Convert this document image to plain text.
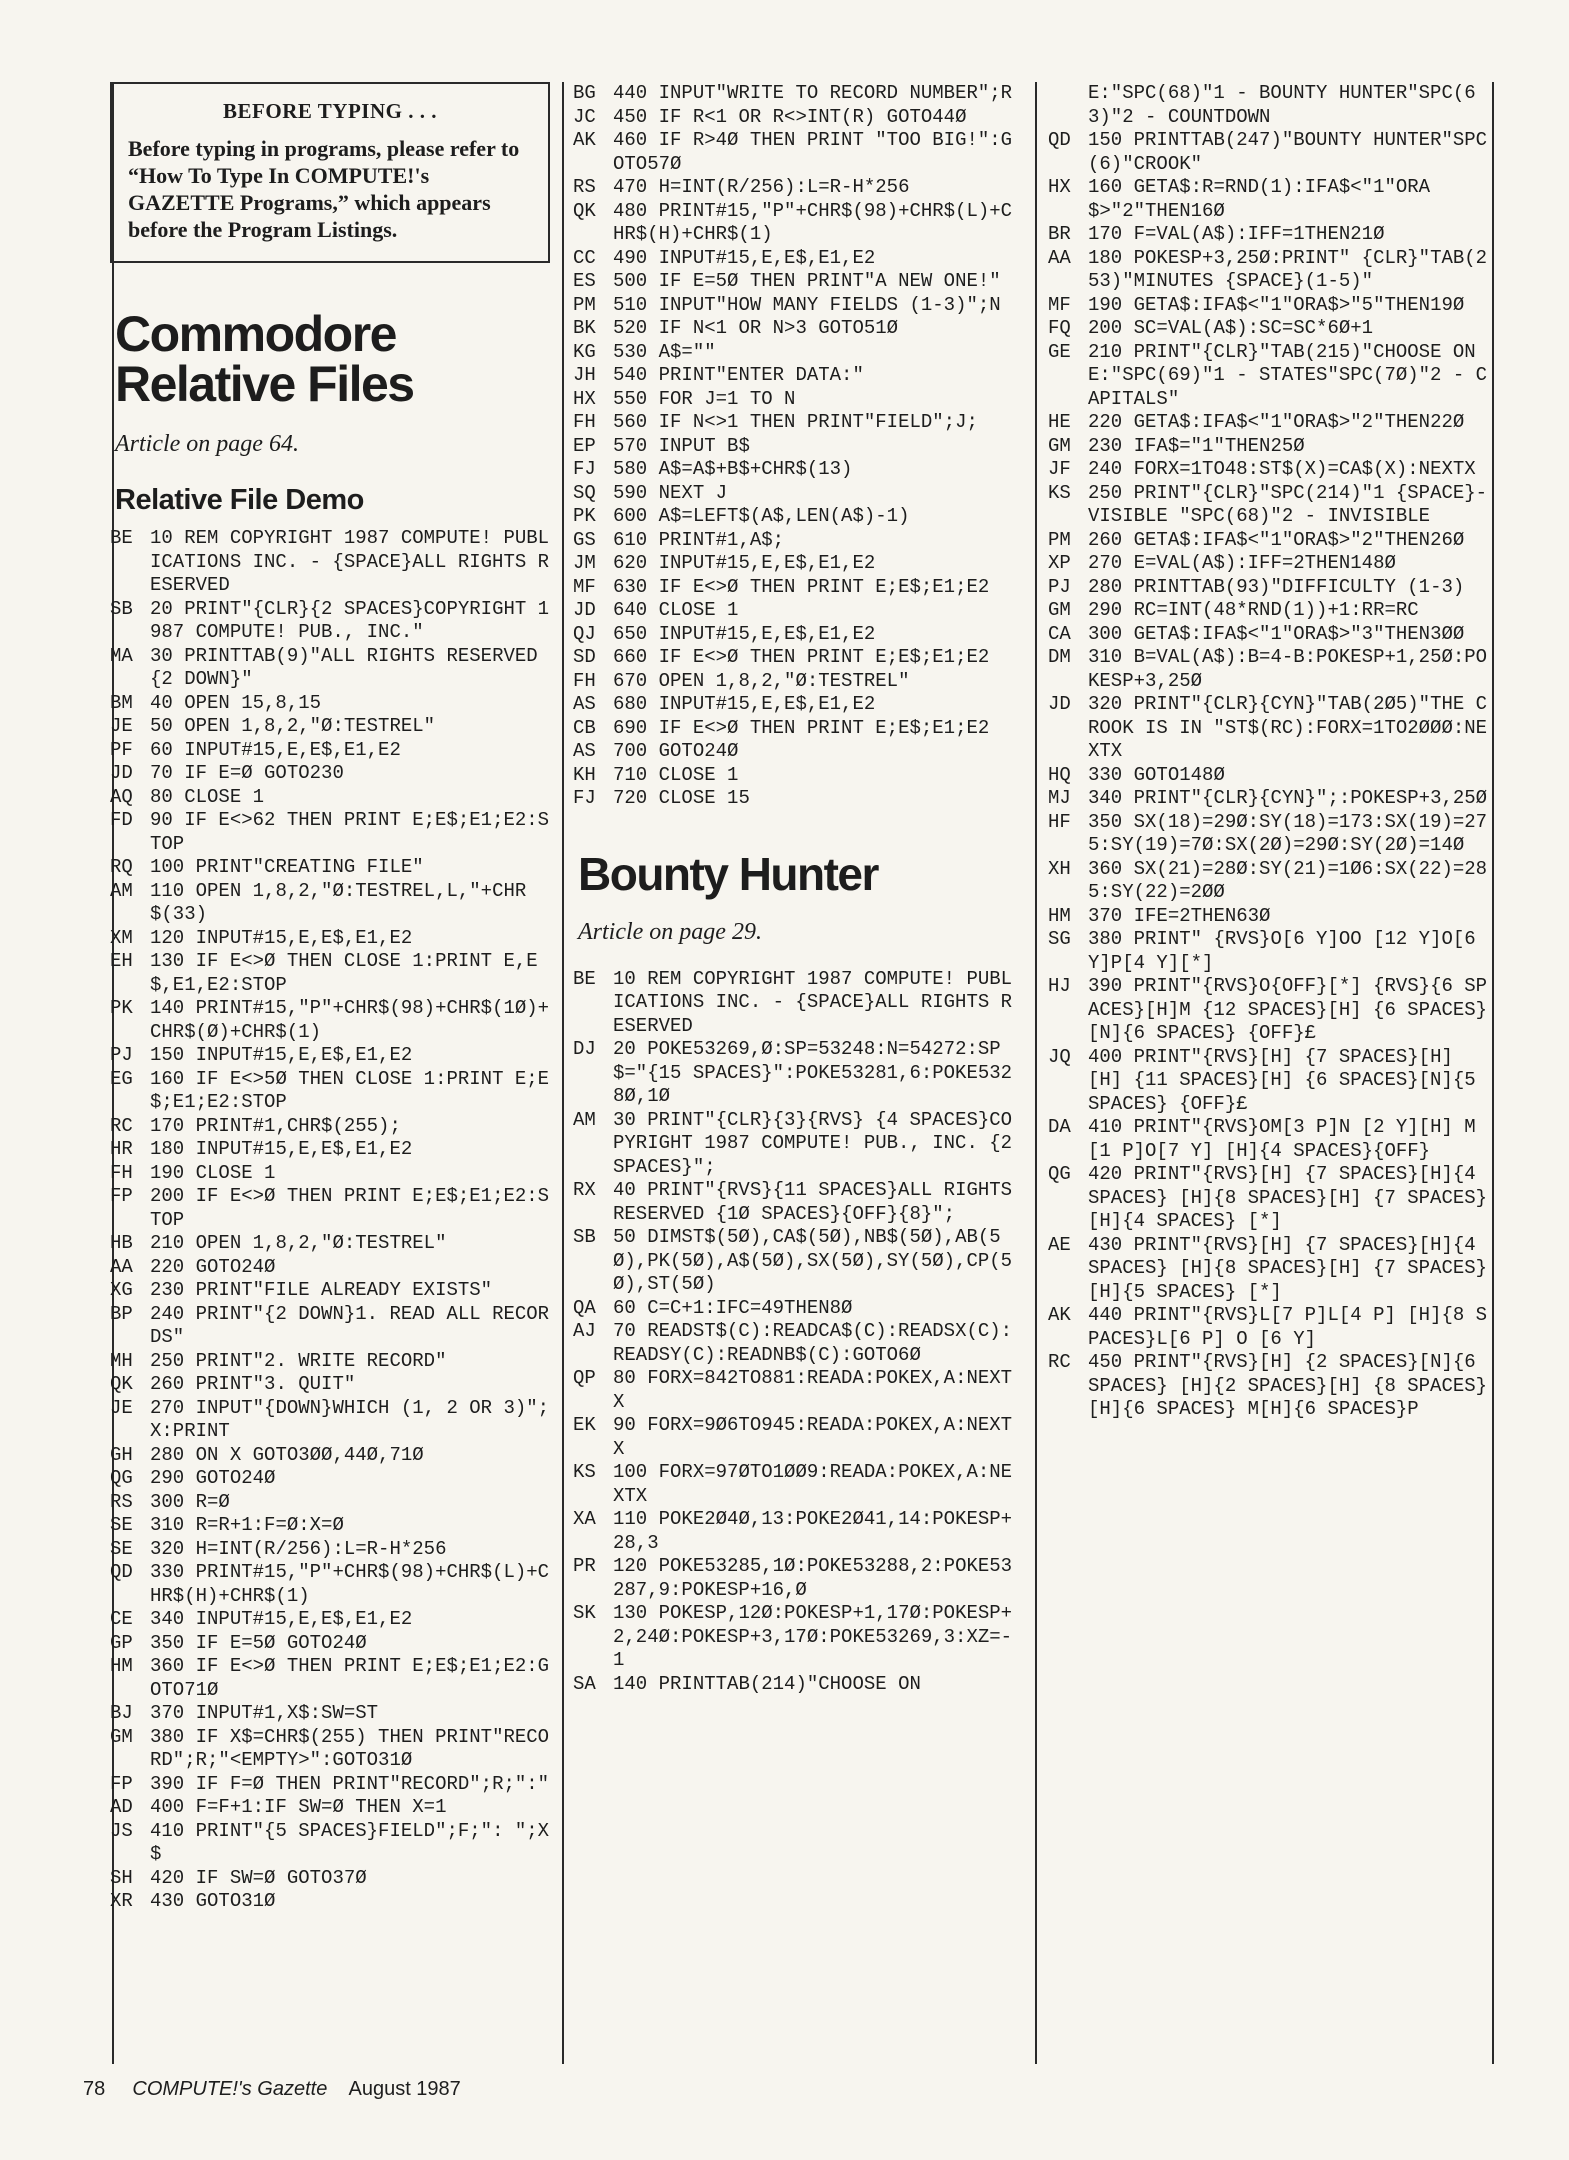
BEFORE TYPING . . .
Before typing in programs, please refer to “How To Type In COMPUTE!'s GAZETTE Programs,” which appears before the Program Listings.
Commodore
Relative Files
Article on page 64.
Relative File Demo
BE 10 REM COPYRIGHT 1987 COMPUTE! PUBLICATIONS INC. - {SPACE}ALL RIGHTS RESERVED
SB 20 PRINT"{CLR}{2 SPACES}COPYRIGHT 1987 COMPUTE! PUB., INC."
MA 30 PRINTTAB(9)"ALL RIGHTS RESERVED{2 DOWN}"
BM 40 OPEN 15,8,15
JE 50 OPEN 1,8,2,"Ø:TESTREL"
PF 60 INPUT#15,E,E$,E1,E2
JD 70 IF E=Ø GOTO230
AQ 80 CLOSE 1
FD 90 IF E<>62 THEN PRINT E;E$;E1;E2:STOP
RQ 100 PRINT"CREATING FILE"
AM 110 OPEN 1,8,2,"Ø:TESTREL,L,"+CHR$(33)
XM 120 INPUT#15,E,E$,E1,E2
EH 130 IF E<>Ø THEN CLOSE 1:PRINT E,E$,E1,E2:STOP
PK 140 PRINT#15,"P"+CHR$(98)+CHR$(1Ø)+CHR$(Ø)+CHR$(1)
PJ 150 INPUT#15,E,E$,E1,E2
EG 160 IF E<>5Ø THEN CLOSE 1:PRINT E;E$;E1;E2:STOP
RC 170 PRINT#1,CHR$(255);
HR 180 INPUT#15,E,E$,E1,E2
FH 190 CLOSE 1
FP 200 IF E<>Ø THEN PRINT E;E$;E1;E2:STOP
HB 210 OPEN 1,8,2,"Ø:TESTREL"
AA 220 GOTO24Ø
XG 230 PRINT"FILE ALREADY EXISTS"
BP 240 PRINT"{2 DOWN}1. READ ALL RECORDS"
MH 250 PRINT"2. WRITE RECORD"
QK 260 PRINT"3. QUIT"
JE 270 INPUT"{DOWN}WHICH (1, 2 OR 3)";X:PRINT
GH 280 ON X GOTO3ØØ,44Ø,71Ø
QG 290 GOTO24Ø
RS 300 R=Ø
SE 310 R=R+1:F=Ø:X=Ø
SE 320 H=INT(R/256):L=R-H*256
QD 330 PRINT#15,"P"+CHR$(98)+CHR$(L)+CHR$(H)+CHR$(1)
CE 340 INPUT#15,E,E$,E1,E2
GP 350 IF E=5Ø GOTO24Ø
HM 360 IF E<>Ø THEN PRINT E;E$;E1;E2:GOTO71Ø
BJ 370 INPUT#1,X$:SW=ST
GM 380 IF X$=CHR$(255) THEN PRINT"RECORD";R;"<EMPTY>":GOTO31Ø
FP 390 IF F=Ø THEN PRINT"RECORD";R;":"
AD 400 F=F+1:IF SW=Ø THEN X=1
JS 410 PRINT"{5 SPACES}FIELD";F;": ";X$
SH 420 IF SW=Ø GOTO37Ø
XR 430 GOTO31Ø
BG 440 INPUT"WRITE TO RECORD NUMBER";R
JC 450 IF R<1 OR R<>INT(R) GOTO44Ø
AK 460 IF R>4Ø THEN PRINT "TOO BIG!":GOTO57Ø
RS 470 H=INT(R/256):L=R-H*256
QK 480 PRINT#15,"P"+CHR$(98)+CHR$(L)+CHR$(H)+CHR$(1)
CC 490 INPUT#15,E,E$,E1,E2
ES 500 IF E=5Ø THEN PRINT"A NEW ONE!"
PM 510 INPUT"HOW MANY FIELDS (1-3)";N
BK 520 IF N<1 OR N>3 GOTO51Ø
KG 530 A$=""
JH 540 PRINT"ENTER DATA:"
HX 550 FOR J=1 TO N
FH 560 IF N<>1 THEN PRINT"FIELD";J;
EP 570 INPUT B$
FJ 580 A$=A$+B$+CHR$(13)
SQ 590 NEXT J
PK 600 A$=LEFT$(A$,LEN(A$)-1)
GS 610 PRINT#1,A$;
JM 620 INPUT#15,E,E$,E1,E2
MF 630 IF E<>Ø THEN PRINT E;E$;E1;E2
JD 640 CLOSE 1
QJ 650 INPUT#15,E,E$,E1,E2
SD 660 IF E<>Ø THEN PRINT E;E$;E1;E2
FH 670 OPEN 1,8,2,"Ø:TESTREL"
AS 680 INPUT#15,E,E$,E1,E2
CB 690 IF E<>Ø THEN PRINT E;E$;E1;E2
AS 700 GOTO24Ø
KH 710 CLOSE 1
FJ 720 CLOSE 15
Bounty Hunter
Article on page 29.
BE 10 REM COPYRIGHT 1987 COMPUTE! PUBLICATIONS INC. - {SPACE}ALL RIGHTS RESERVED
DJ 20 POKE53269,Ø:SP=53248:N=54272:SP$="{15 SPACES}":POKE53281,6:POKE5328Ø,1Ø
AM 30 PRINT"{CLR}{3}{RVS} {4 SPACES}COPYRIGHT 1987 COMPUTE! PUB., INC. {2 SPACES}";
RX 40 PRINT"{RVS}{11 SPACES}ALL RIGHTS RESERVED {1Ø SPACES}{OFF}{8}";
SB 50 DIMST$(5Ø),CA$(5Ø),NB$(5Ø),AB(5Ø),PK(5Ø),A$(5Ø),SX(5Ø),SY(5Ø),CP(5Ø),ST(5Ø)
QA 60 C=C+1:IFC=49THEN8Ø
AJ 70 READST$(C):READCA$(C):READSX(C):READSY(C):READNB$(C):GOTO6Ø
QP 80 FORX=842TO881:READA:POKEX,A:NEXTX
EK 90 FORX=9Ø6TO945:READA:POKEX,A:NEXTX
KS 100 FORX=97ØTO1ØØ9:READA:POKEX,A:NEXTX
XA 110 POKE2Ø4Ø,13:POKE2Ø41,14:POKESP+28,3
PR 120 POKE53285,1Ø:POKE53288,2:POKE53287,9:POKESP+16,Ø
SK 130 POKESP,12Ø:POKESP+1,17Ø:POKESP+2,24Ø:POKESP+3,17Ø:POKE53269,3:XZ=-1
SA 140 PRINTTAB(214)"CHOOSE ON
E:"SPC(68)"1 - BOUNTY HUNTER"SPC(63)"2 - COUNTDOWN
QD 150 PRINTTAB(247)"BOUNTY HUNTER"SPC(6)"CROOK"
HX 160 GETA$:R=RND(1):IFA$<"1"ORA$>"2"THEN16Ø
BR 170 F=VAL(A$):IFF=1THEN21Ø
AA 180 POKESP+3,25Ø:PRINT" {CLR}"TAB(253)"MINUTES {SPACE}(1-5)"
MF 190 GETA$:IFA$<"1"ORA$>"5"THEN19Ø
FQ 200 SC=VAL(A$):SC=SC*6Ø+1
GE 210 PRINT"{CLR}"TAB(215)"CHOOSE ONE:"SPC(69)"1 - STATES"SPC(7Ø)"2 - CAPITALS"
HE 220 GETA$:IFA$<"1"ORA$>"2"THEN22Ø
GM 230 IFA$="1"THEN25Ø
JF 240 FORX=1TO48:ST$(X)=CA$(X):NEXTX
KS 250 PRINT"{CLR}"SPC(214)"1 {SPACE}- VISIBLE "SPC(68)"2 - INVISIBLE
PM 260 GETA$:IFA$<"1"ORA$>"2"THEN26Ø
XP 270 E=VAL(A$):IFF=2THEN148Ø
PJ 280 PRINTTAB(93)"DIFFICULTY (1-3)
GM 290 RC=INT(48*RND(1))+1:RR=RC
CA 300 GETA$:IFA$<"1"ORA$>"3"THEN3ØØ
DM 310 B=VAL(A$):B=4-B:POKESP+1,25Ø:POKESP+3,25Ø
JD 320 PRINT"{CLR}{CYN}"TAB(2Ø5)"THE CROOK IS IN "ST$(RC):FORX=1TO2ØØØ:NEXTX
HQ 330 GOTO148Ø
MJ 340 PRINT"{CLR}{CYN}";:POKESP+3,25Ø
HF 350 SX(18)=29Ø:SY(18)=173:SX(19)=275:SY(19)=7Ø:SX(2Ø)=29Ø:SY(2Ø)=14Ø
XH 360 SX(21)=28Ø:SY(21)=1Ø6:SX(22)=285:SY(22)=2ØØ
HM 370 IFE=2THEN63Ø
SG 380 PRINT" {RVS}O[6 Y]OO [12 Y]O[6 Y]P[4 Y][*]
HJ 390 PRINT"{RVS}O{OFF}[*] {RVS}{6 SPACES}[H]M {12 SPACES}[H] {6 SPACES}[N]{6 SPACES} {OFF}£
JQ 400 PRINT"{RVS}[H] {7 SPACES}[H] [H] {11 SPACES}[H] {6 SPACES}[N]{5 SPACES} {OFF}£
DA 410 PRINT"{RVS}OM[3 P]N [2 Y][H] M[1 P]O[7 Y] [H]{4 SPACES}{OFF}
QG 420 PRINT"{RVS}[H] {7 SPACES}[H]{4 SPACES} [H]{8 SPACES}[H] {7 SPACES}[H]{4 SPACES} [*]
AE 430 PRINT"{RVS}[H] {7 SPACES}[H]{4 SPACES} [H]{8 SPACES}[H] {7 SPACES}[H]{5 SPACES} [*]
AK 440 PRINT"{RVS}L[7 P]L[4 P] [H]{8 SPACES}L[6 P] O [6 Y]
RC 450 PRINT"{RVS}[H] {2 SPACES}[N]{6 SPACES} [H]{2 SPACES}[H] {8 SPACES}[H]{6 SPACES} M[H]{6 SPACES}P
78 COMPUTE!'s Gazette August 1987
